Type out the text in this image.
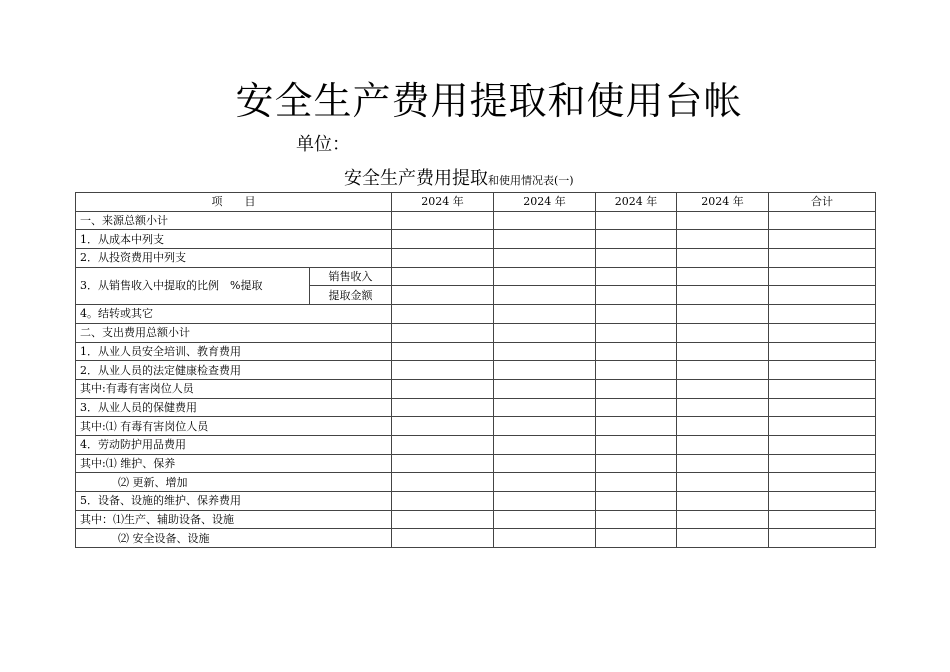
安全生产费用提取和使用台帐
单位：
安全生产费用提取和使用情况表(一)
项　　目		2024 年	2024 年	2024 年	2024 年	合计
一、来源总额小计						
1．从成本中列支						
2．从投资费用中列支						
3．从销售收入中提取的比例　%提取	销售收入					
	提取金额					
4。结转或其它						
二、支出费用总额小计						
1．从业人员安全培训、教育费用						
2．从业人员的法定健康检查费用						
其中:有毒有害岗位人员						
3．从业人员的保健费用						
其中:⑴ 有毒有害岗位人员						
4．劳动防护用品费用						
其中:⑴ 维护、保养						
⑵ 更新、增加						
5．设备、设施的维护、保养费用						
其中：⑴生产、辅助设备、设施						
⑵ 安全设备、设施						
